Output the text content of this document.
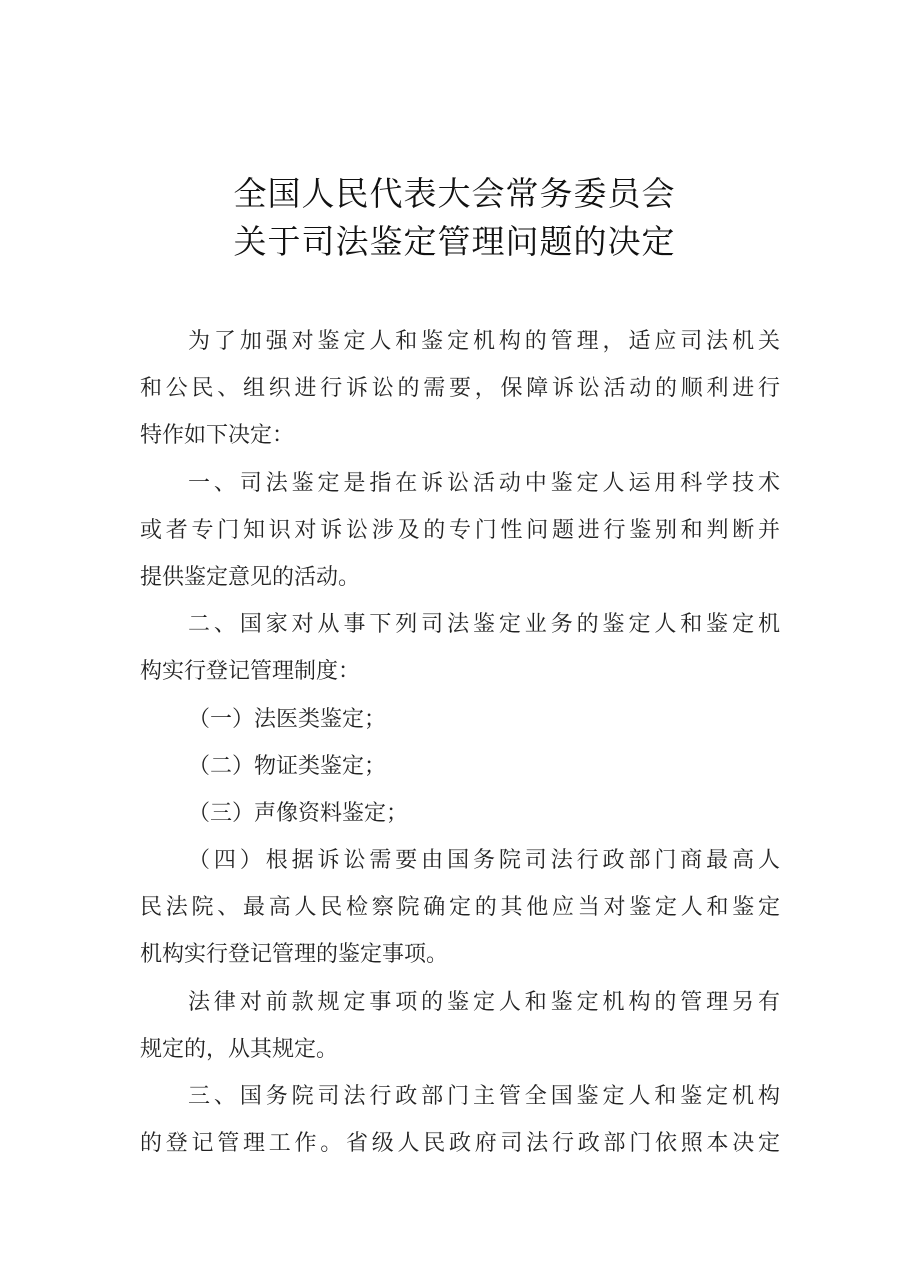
全国人民代表大会常务委员会
关于司法鉴定管理问题的决定
为了加强对鉴定人和鉴定机构的管理，适应司法机关
和公民、组织进行诉讼的需要，保障诉讼活动的顺利进行
特作如下决定：
一、司法鉴定是指在诉讼活动中鉴定人运用科学技术
或者专门知识对诉讼涉及的专门性问题进行鉴别和判断并
提供鉴定意见的活动。
二、国家对从事下列司法鉴定业务的鉴定人和鉴定机
构实行登记管理制度：
（一）法医类鉴定；
（二）物证类鉴定；
（三）声像资料鉴定；
（四）根据诉讼需要由国务院司法行政部门商最高人
民法院、最高人民检察院确定的其他应当对鉴定人和鉴定
机构实行登记管理的鉴定事项。
法律对前款规定事项的鉴定人和鉴定机构的管理另有
规定的，从其规定。
三、国务院司法行政部门主管全国鉴定人和鉴定机构
的登记管理工作。省级人民政府司法行政部门依照本决定
